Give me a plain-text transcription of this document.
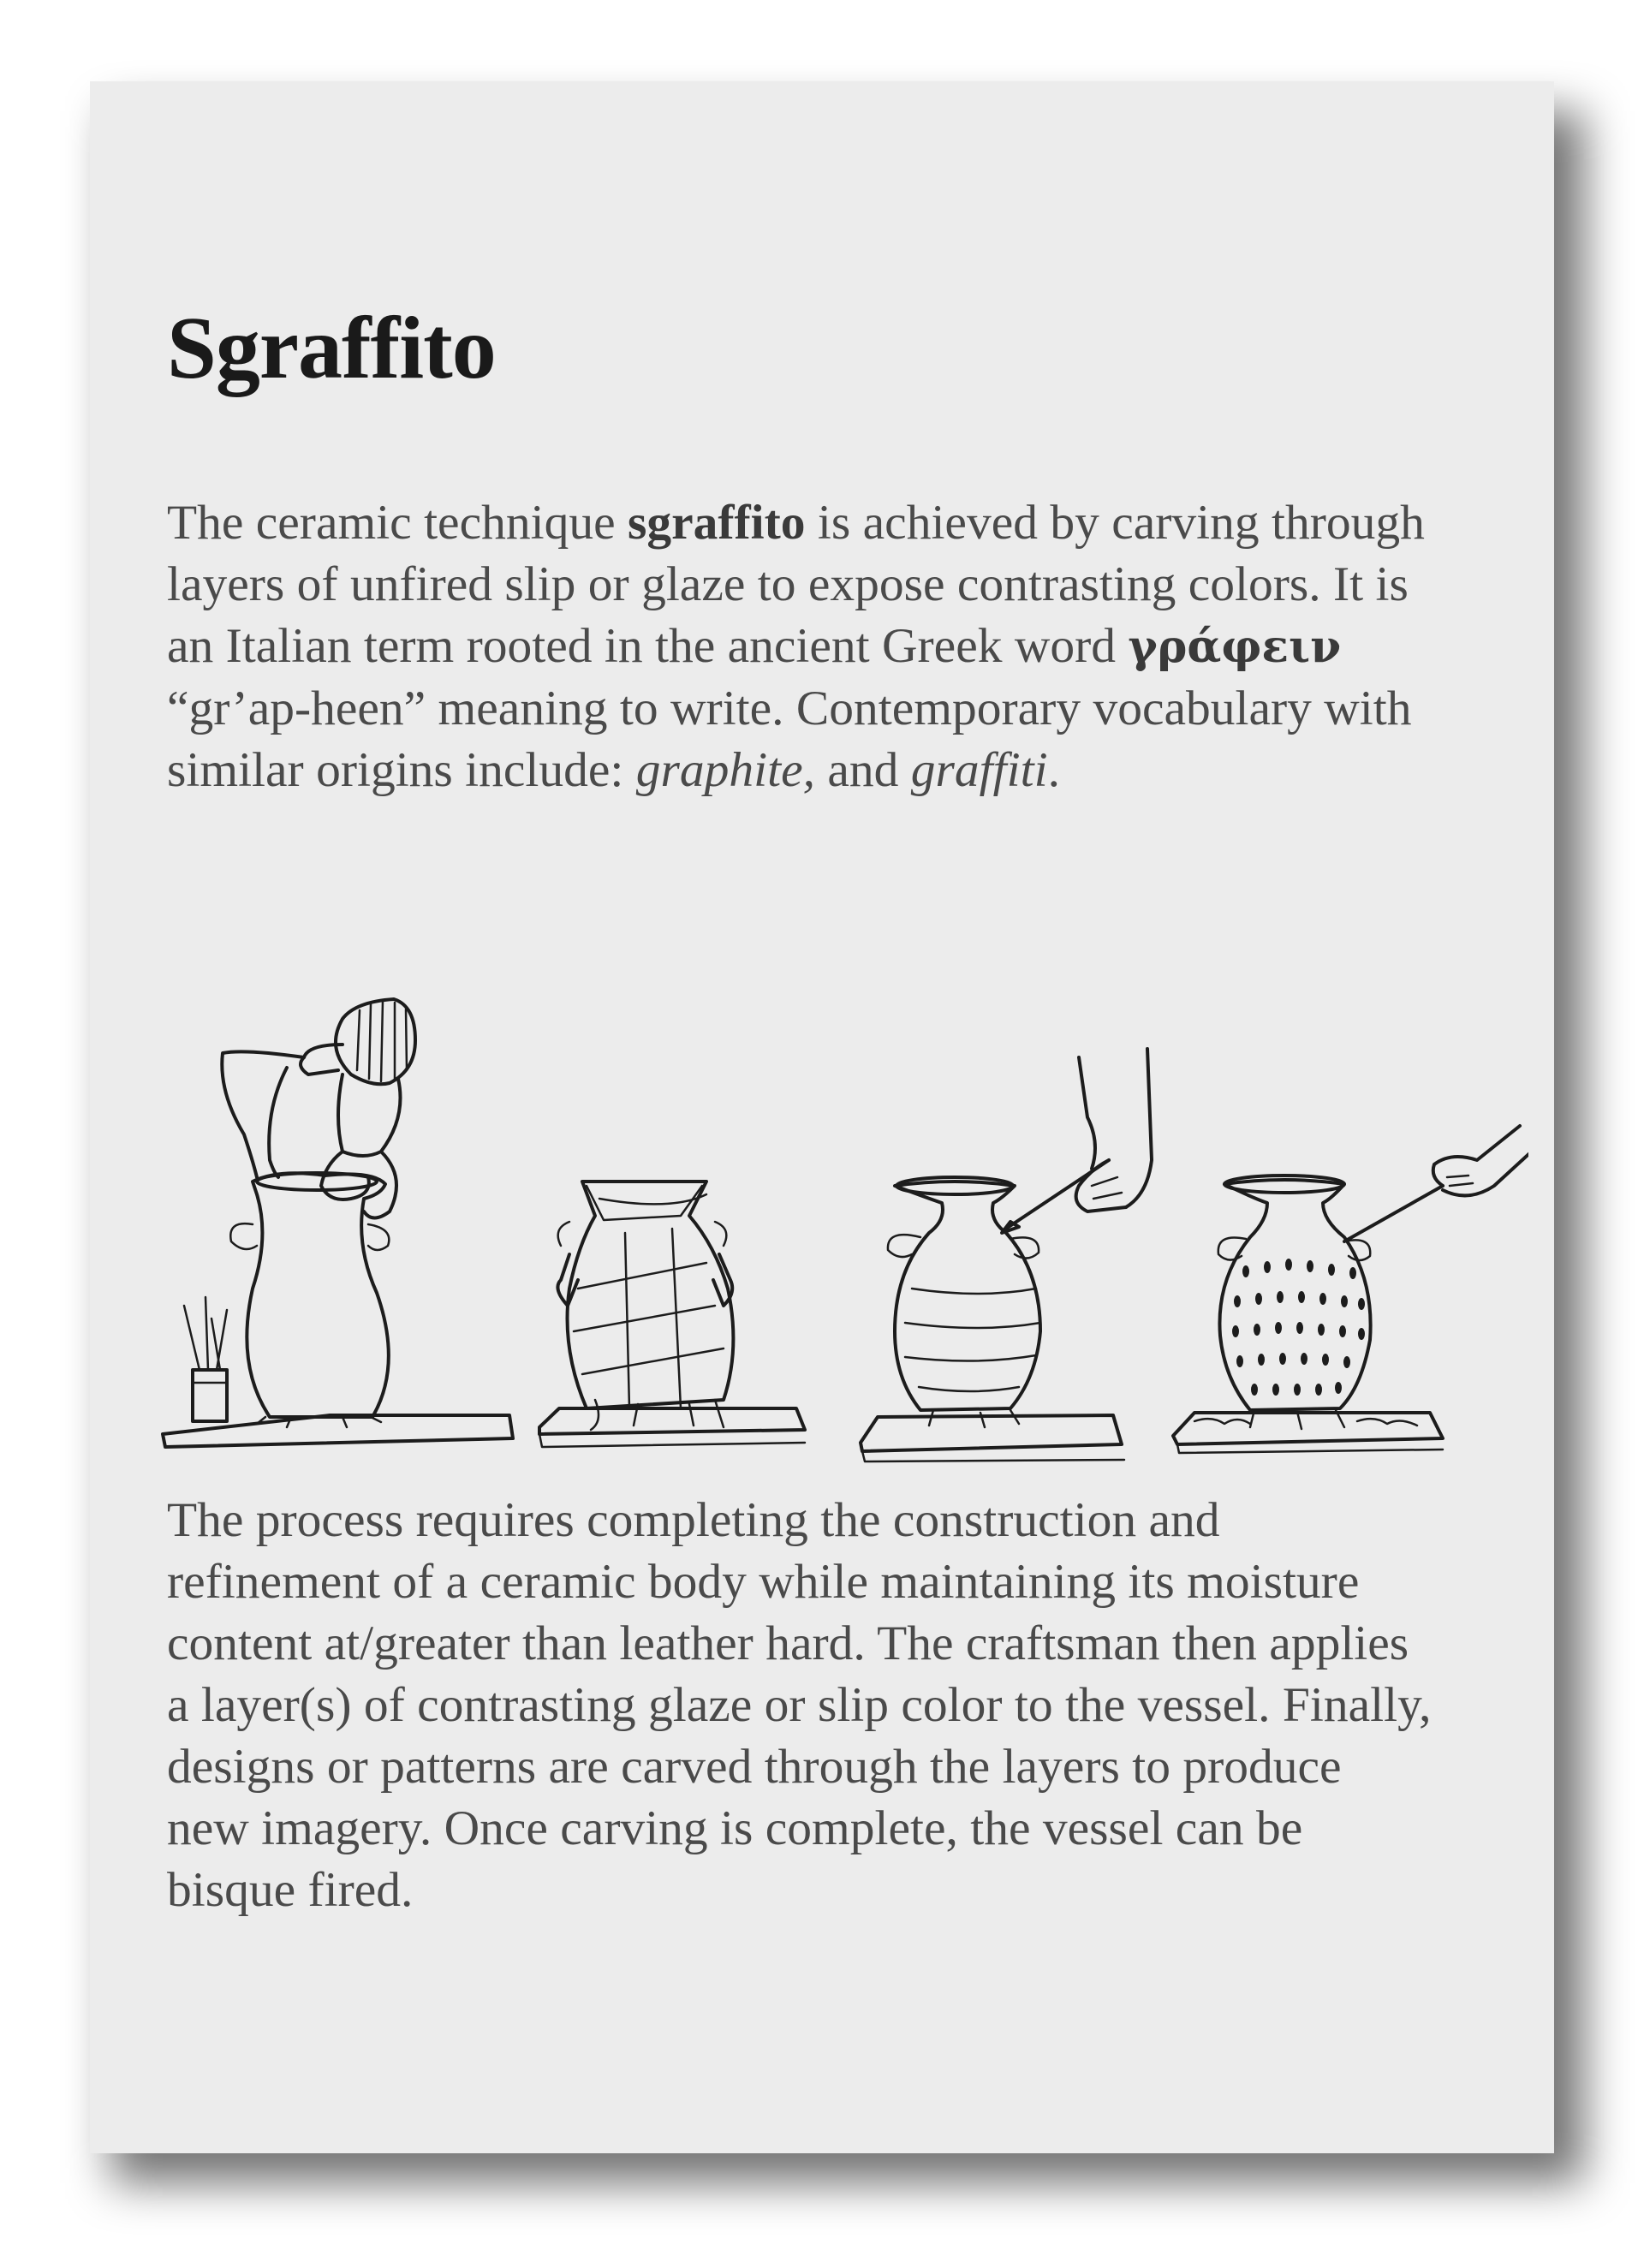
Sgraffito

The ceramic technique sgraffito is achieved by carving through
layers of unfired slip or glaze to expose contrasting colors. It is
an Italian term rooted in the ancient Greek word γράφειν
“gr’ap-heen” meaning to write. Contemporary vocabulary with
similar origins include: graphite, and graffiti.

The process requires completing the construction and
refinement of a ceramic body while maintaining its moisture
content at/greater than leather hard. The craftsman then applies
a layer(s) of contrasting glaze or slip color to the vessel. Finally,
designs or patterns are carved through the layers to produce
new imagery. Once carving is complete, the vessel can be
bisque fired.
